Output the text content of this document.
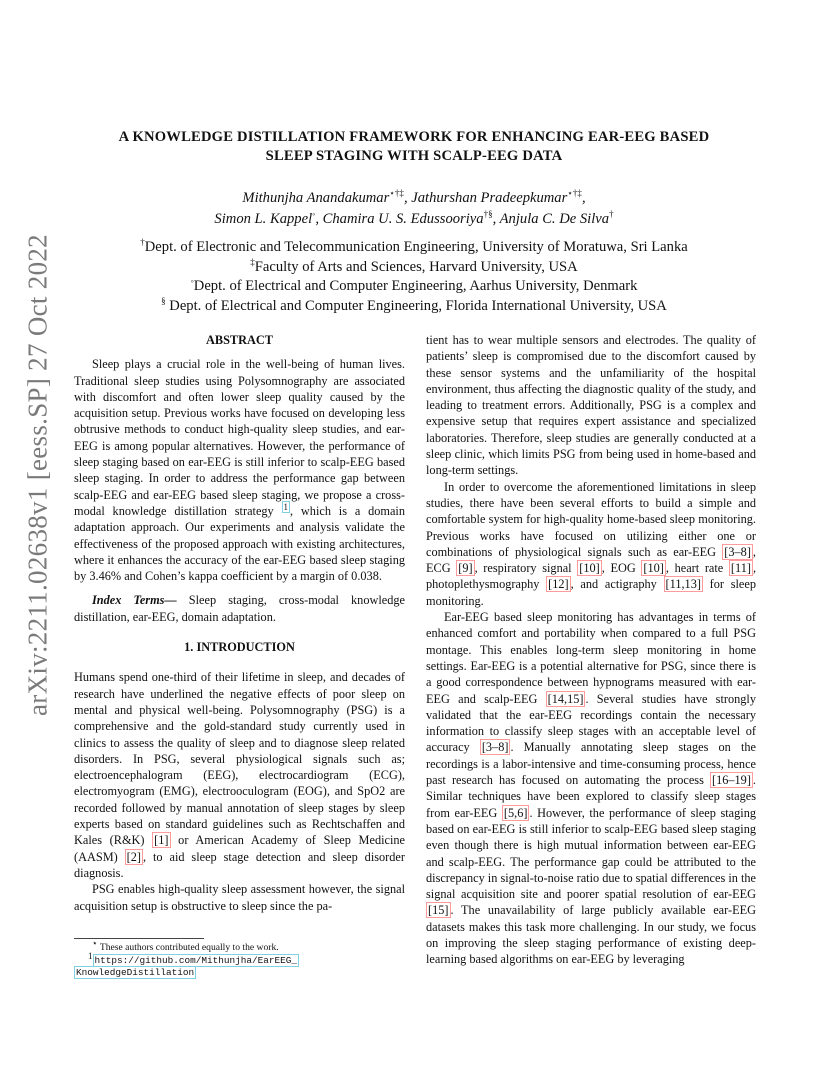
arXiv:2211.02638v1 [eess.SP] 27 Oct 2022
A KNOWLEDGE DISTILLATION FRAMEWORK FOR ENHANCING EAR-EEG BASED
SLEEP STAGING WITH SCALP-EEG DATA
Mithunjha Anandakumar⋆†‡, Jathurshan Pradeepkumar⋆†‡,
Simon L. Kappel◦, Chamira U. S. Edussooriya†§, Anjula C. De Silva†
†Dept. of Electronic and Telecommunication Engineering, University of Moratuwa, Sri Lanka
‡Faculty of Arts and Sciences, Harvard University, USA
◦Dept. of Electrical and Computer Engineering, Aarhus University, Denmark
§ Dept. of Electrical and Computer Engineering, Florida International University, USA

ABSTRACT

Sleep plays a crucial role in the well-being of human lives. Traditional sleep studies using Polysomnography are associated with discomfort and often lower sleep quality caused by the acquisition setup. Previous works have focused on developing less obtrusive methods to conduct high-quality sleep studies, and ear-EEG is among popular alternatives. However, the performance of sleep staging based on ear-EEG is still inferior to scalp-EEG based sleep staging. In order to address the performance gap between scalp-EEG and ear-EEG based sleep staging, we propose a cross-modal knowledge distillation strategy $^1$ , which is a domain adaptation approach. Our experiments and analysis validate the effectiveness of the proposed approach with existing architectures, where it enhances the accuracy of the ear-EEG based sleep staging by 3.46% and Cohen’s kappa coefficient by a margin of 0.038.

Index Terms— Sleep staging, cross-modal knowledge distillation, ear-EEG, domain adaptation.

1. INTRODUCTION

Humans spend one-third of their lifetime in sleep, and decades of research have underlined the negative effects of poor sleep on mental and physical well-being. Polysomnography (PSG) is a comprehensive and the gold-standard study currently used in clinics to assess the quality of sleep and to diagnose sleep related disorders. In PSG, several physiological signals such as; electroencephalogram (EEG), electrocardiogram (ECG), electromyogram (EMG), electrooculogram (EOG), and SpO2 are recorded followed by manual annotation of sleep stages by sleep experts based on standard guidelines such as Rechtschaffen and Kales (R&K) [1] or American Academy of Sleep Medicine (AASM) [2] , to aid sleep stage detection and sleep disorder diagnosis.

PSG enables high-quality sleep assessment however, the signal acquisition setup is obstructive to sleep since the pa-

⋆ These authors contributed equally to the work.
$^1$ https://github.com/Mithunjha/EarEEG_
KnowledgeDistillation

tient has to wear multiple sensors and electrodes. The quality of patients’ sleep is compromised due to the discomfort caused by these sensor systems and the unfamiliarity of the hospital environment, thus affecting the diagnostic quality of the study, and leading to treatment errors. Additionally, PSG is a complex and expensive setup that requires expert assistance and specialized laboratories. Therefore, sleep studies are generally conducted at a sleep clinic, which limits PSG from being used in home-based and long-term settings.

In order to overcome the aforementioned limitations in sleep studies, there have been several efforts to build a simple and comfortable system for high-quality home-based sleep monitoring. Previous works have focused on utilizing either one or combinations of physiological signals such as ear-EEG [3–8] , ECG [9] , respiratory signal [10] , EOG [10] , heart rate [11] , photoplethysmography [12] , and actigraphy [11,13] for sleep monitoring.

Ear-EEG based sleep monitoring has advantages in terms of enhanced comfort and portability when compared to a full PSG montage. This enables long-term sleep monitoring in home settings. Ear-EEG is a potential alternative for PSG, since there is a good correspondence between hypnograms measured with ear-EEG and scalp-EEG [14,15] . Several studies have strongly validated that the ear-EEG recordings contain the necessary information to classify sleep stages with an acceptable level of accuracy [3–8] . Manually annotating sleep stages on the recordings is a labor-intensive and time-consuming process, hence past research has focused on automating the process [16–19] . Similar techniques have been explored to classify sleep stages from ear-EEG [5,6] . However, the performance of sleep staging based on ear-EEG is still inferior to scalp-EEG based sleep staging even though there is high mutual information between ear-EEG and scalp-EEG. The performance gap could be attributed to the discrepancy in signal-to-noise ratio due to spatial differences in the signal acquisition site and poorer spatial resolution of ear-EEG [15] . The unavailability of large publicly available ear-EEG datasets makes this task more challenging. In our study, we focus on improving the sleep staging performance of existing deep-learning based algorithms on ear-EEG by leveraging
